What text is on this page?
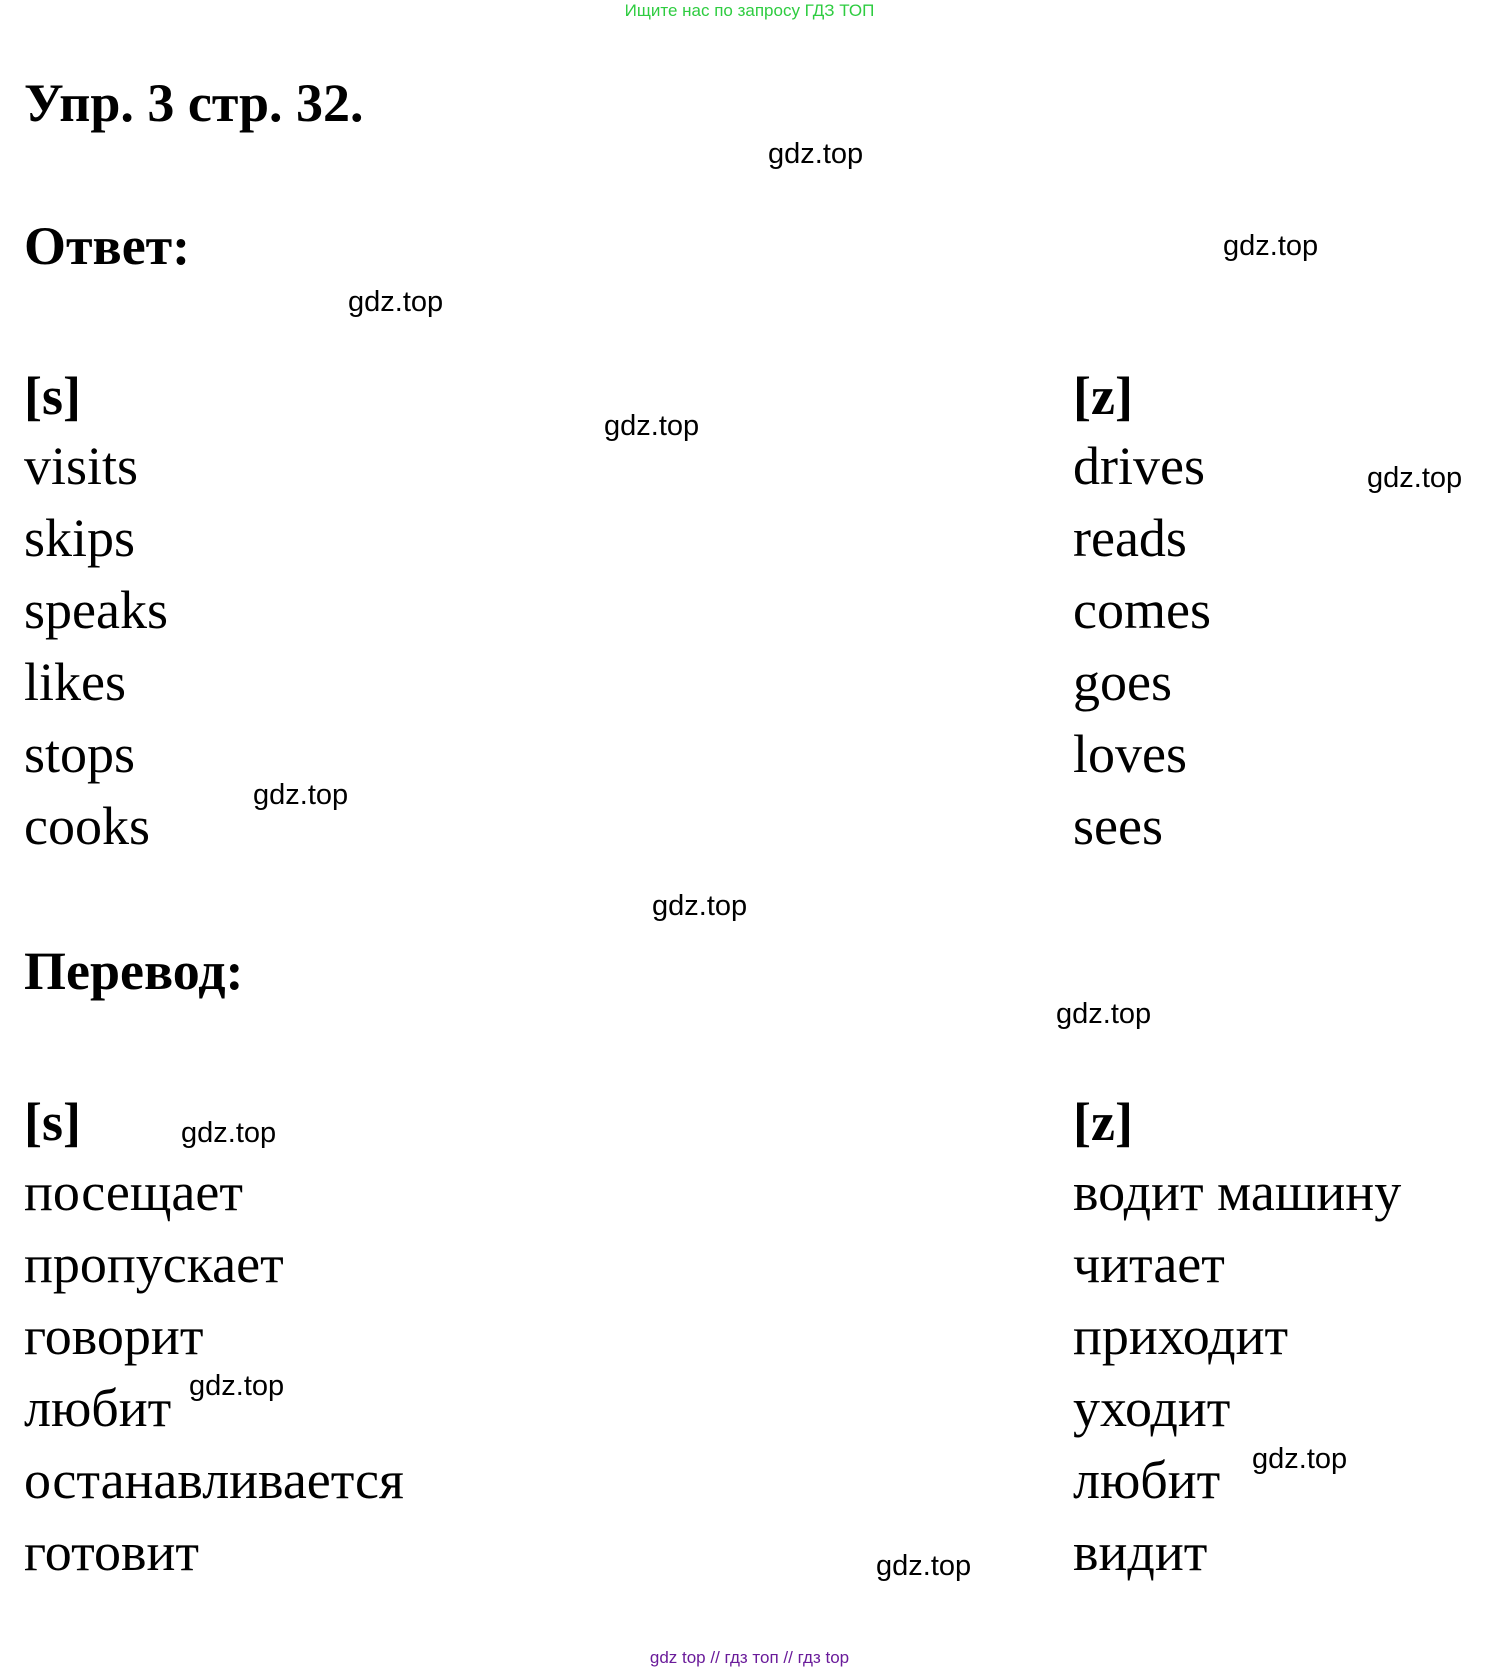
Ищите нас по запросу ГДЗ ТОП
Упр. 3 стр. 32.
Ответ:
[s]
visits
skips
speaks
likes
stops
cooks
[z]
drives
reads
comes
goes
loves
sees
Перевод:
[s]
посещает
пропускает
говорит
любит
останавливается
готовит
[z]
водит машину
читает
приходит
уходит
любит
видит
gdz.top
gdz.top
gdz.top
gdz.top
gdz.top
gdz.top
gdz.top
gdz.top
gdz.top
gdz.top
gdz.top
gdz.top
gdz top // гдз топ // гдз top
